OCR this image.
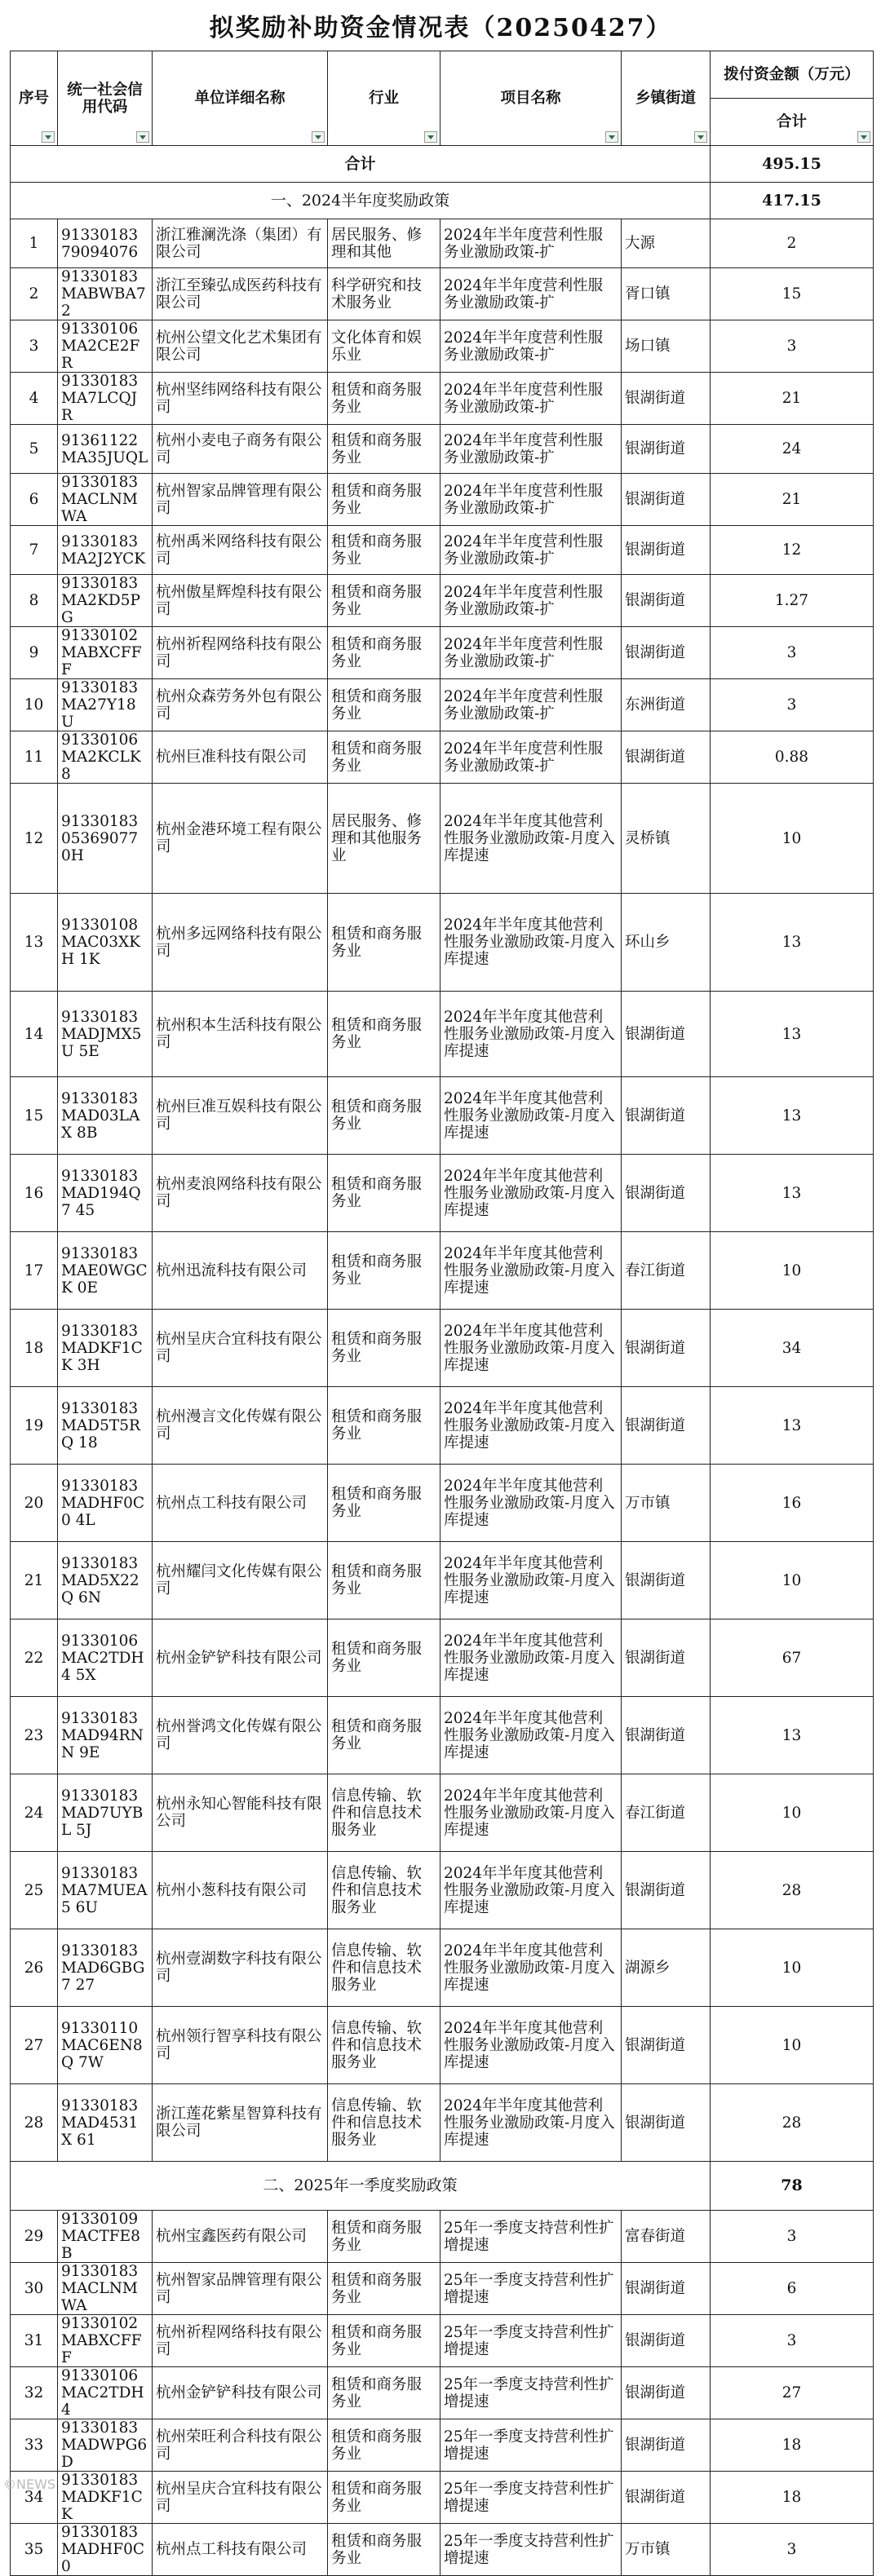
拟奖励补助资金情况表（20250427）
序号	统一社会信用代码	单位详细名称	行业	项目名称	乡镇街道	拨付资金额（万元）

						合计

合计						495.15
一、2024半年度奖励政策						417.15
1	91330183 79094076	浙江雅澜洗涤（集团）有限公司	居民服务、修理和其他	2024年半年度营利性服务业激励政策-扩	大源	2
2	91330183 MABWBA72	浙江至臻弘成医药科技有限公司	科学研究和技术服务业	2024年半年度营利性服务业激励政策-扩	胥口镇	15
3	91330106 MA2CE2FR	杭州公望文化艺术集团有限公司	文化体育和娱乐业	2024年半年度营利性服务业激励政策-扩	场口镇	3
4	91330183 MA7LCQJR	杭州坚纬网络科技有限公司	租赁和商务服务业	2024年半年度营利性服务业激励政策-扩	银湖街道	21
5	91361122 MA35JUQL	杭州小麦电子商务有限公司	租赁和商务服务业	2024年半年度营利性服务业激励政策-扩	银湖街道	24
6	91330183 MACLNMWA	杭州智家品牌管理有限公司	租赁和商务服务业	2024年半年度营利性服务业激励政策-扩	银湖街道	21
7	91330183 MA2J2YCK	杭州禹米网络科技有限公司	租赁和商务服务业	2024年半年度营利性服务业激励政策-扩	银湖街道	12
8	91330183 MA2KD5PG	杭州傲星辉煌科技有限公司	租赁和商务服务业	2024年半年度营利性服务业激励政策-扩	银湖街道	1.27
9	91330102 MABXCFFF	杭州祈程网络科技有限公司	租赁和商务服务业	2024年半年度营利性服务业激励政策-扩	银湖街道	3
10	91330183 MA27Y18U	杭州众森劳务外包有限公司	租赁和商务服务业	2024年半年度营利性服务业激励政策-扩	东洲街道	3
11	91330106 MA2KCLK8	杭州巨准科技有限公司	租赁和商务服务业	2024年半年度营利性服务业激励政策-扩	银湖街道	0.88
12	91330183 05369077 0H	杭州金港环境工程有限公司	居民服务、修理和其他服务业	2024年半年度其他营利性服务业激励政策-月度入库提速	灵桥镇	10
13	91330108 MAC03XKH 1K	杭州多远网络科技有限公司	租赁和商务服务业	2024年半年度其他营利性服务业激励政策-月度入库提速	环山乡	13
14	91330183 MADJMX5U 5E	杭州积本生活科技有限公司	租赁和商务服务业	2024年半年度其他营利性服务业激励政策-月度入库提速	银湖街道	13
15	91330183 MAD03LAX 8B	杭州巨准互娱科技有限公司	租赁和商务服务业	2024年半年度其他营利性服务业激励政策-月度入库提速	银湖街道	13
16	91330183 MAD194Q7 45	杭州麦浪网络科技有限公司	租赁和商务服务业	2024年半年度其他营利性服务业激励政策-月度入库提速	银湖街道	13
17	91330183 MAE0WGCK 0E	杭州迅流科技有限公司	租赁和商务服务业	2024年半年度其他营利性服务业激励政策-月度入库提速	春江街道	10
18	91330183 MADKF1CK 3H	杭州呈庆合宜科技有限公司	租赁和商务服务业	2024年半年度其他营利性服务业激励政策-月度入库提速	银湖街道	34
19	91330183 MAD5T5RQ 18	杭州漫言文化传媒有限公司	租赁和商务服务业	2024年半年度其他营利性服务业激励政策-月度入库提速	银湖街道	13
20	91330183 MADHF0C0 4L	杭州点工科技有限公司	租赁和商务服务业	2024年半年度其他营利性服务业激励政策-月度入库提速	万市镇	16
21	91330183 MAD5X22Q 6N	杭州耀闫文化传媒有限公司	租赁和商务服务业	2024年半年度其他营利性服务业激励政策-月度入库提速	银湖街道	10
22	91330106 MAC2TDH4 5X	杭州金铲铲科技有限公司	租赁和商务服务业	2024年半年度其他营利性服务业激励政策-月度入库提速	银湖街道	67
23	91330183 MAD94RNN 9E	杭州誉鸿文化传媒有限公司	租赁和商务服务业	2024年半年度其他营利性服务业激励政策-月度入库提速	银湖街道	13
24	91330183 MAD7UYBL 5J	杭州永知心智能科技有限公司	信息传输、软件和信息技术服务业	2024年半年度其他营利性服务业激励政策-月度入库提速	春江街道	10
25	91330183 MA7MUEA5 6U	杭州小葱科技有限公司	信息传输、软件和信息技术服务业	2024年半年度其他营利性服务业激励政策-月度入库提速	银湖街道	28
26	91330183 MAD6GBG7 27	杭州壹湖数字科技有限公司	信息传输、软件和信息技术服务业	2024年半年度其他营利性服务业激励政策-月度入库提速	湖源乡	10
27	91330110 MAC6EN8Q 7W	杭州领行智享科技有限公司	信息传输、软件和信息技术服务业	2024年半年度其他营利性服务业激励政策-月度入库提速	银湖街道	10
28	91330183 MAD4531X 61	浙江莲花紫星智算科技有限公司	信息传输、软件和信息技术服务业	2024年半年度其他营利性服务业激励政策-月度入库提速	银湖街道	28
二、2025年一季度奖励政策						78
29	91330109 MACTFE8B	杭州宝鑫医药有限公司	租赁和商务服务业	25年一季度支持营利性扩增提速	富春街道	3
30	91330183 MACLNMWA	杭州智家品牌管理有限公司	租赁和商务服务业	25年一季度支持营利性扩增提速	银湖街道	6
31	91330102 MABXCFFF	杭州祈程网络科技有限公司	租赁和商务服务业	25年一季度支持营利性扩增提速	银湖街道	3
32	91330106 MAC2TDH4	杭州金铲铲科技有限公司	租赁和商务服务业	25年一季度支持营利性扩增提速	银湖街道	27
33	91330183 MADWPG6D	杭州荣旺利合科技有限公司	租赁和商务服务业	25年一季度支持营利性扩增提速	银湖街道	18
34	91330183 MADKF1CK	杭州呈庆合宜科技有限公司	租赁和商务服务业	25年一季度支持营利性扩增提速	银湖街道	18
35	91330183 MADHF0C0	杭州点工科技有限公司	租赁和商务服务业	25年一季度支持营利性扩增提速	万市镇	3
©NEWS
